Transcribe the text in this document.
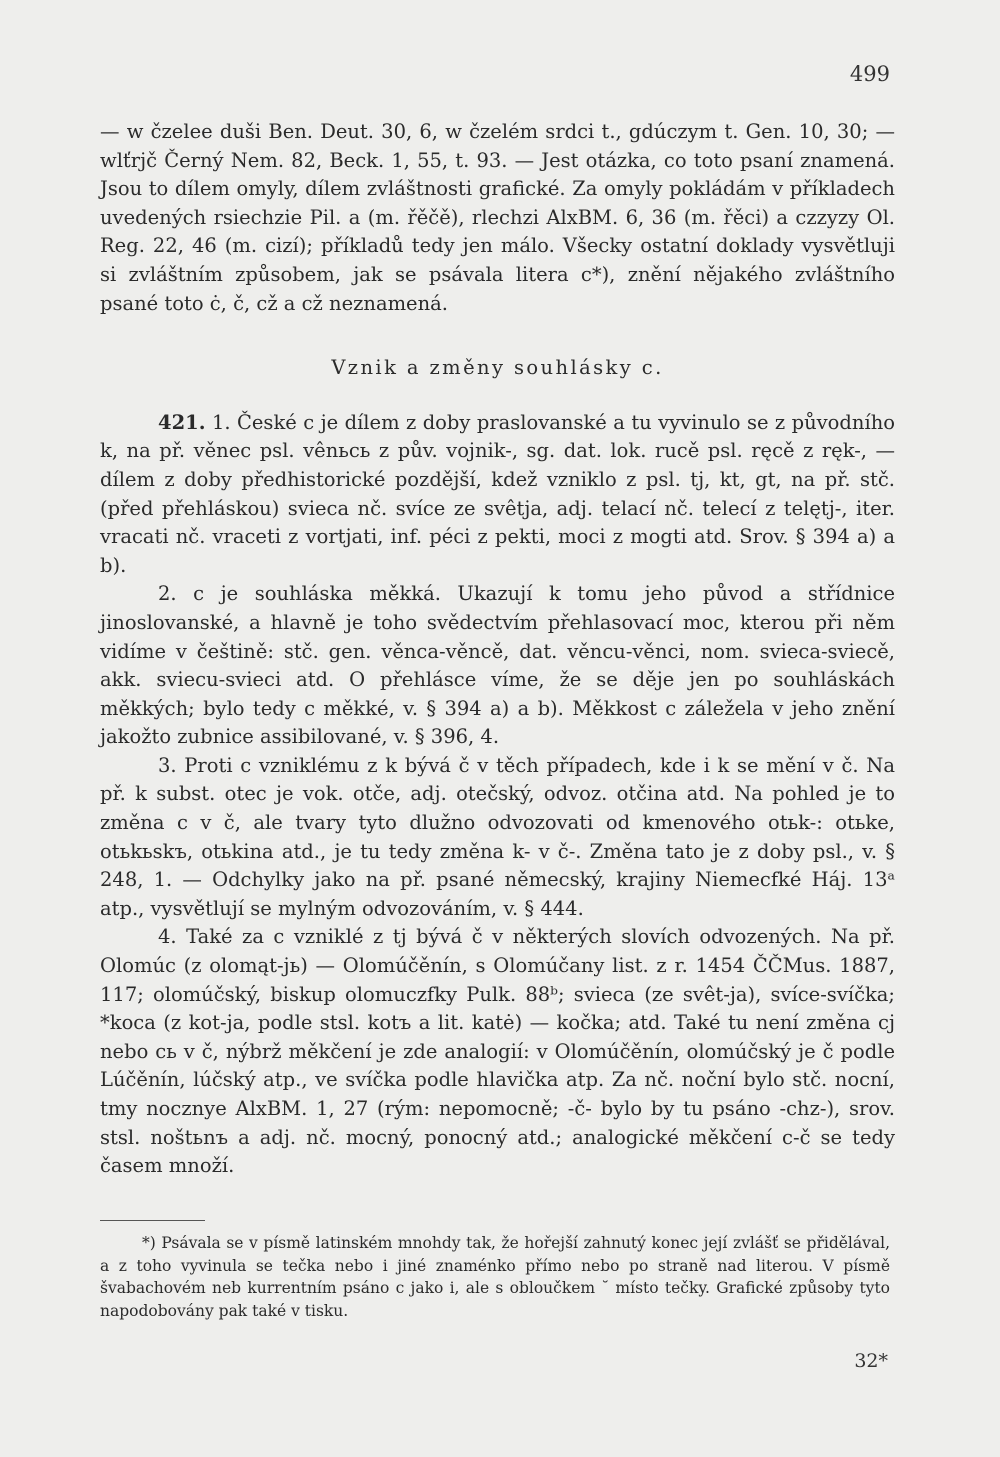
499

— w čzelee duši Ben. Deut. 30, 6, w čzelém srdci t., gdúczym t. Gen. 10, 30; — wlťrjč Černý Nem. 82, Beck. 1, 55, t. 93. — Jest otázka, co toto psaní znamená. Jsou to dílem omyly, dílem zvláštnosti grafické. Za omyly pokládám v příkladech uvedených rsiechzie Pil. a (m. řěčě), rlechzi AlxBM. 6, 36 (m. řěci) a czzyzy Ol. Reg. 22, 46 (m. cizí); příkladů tedy jen málo. Všecky ostatní doklady vysvětluji si zvláštním způsobem, jak se psávala litera c*), znění nějakého zvláštního psané toto ċ, č, cž a cž neznamená.

Vznik a změny souhlásky c.

421. 1. České c je dílem z doby praslovanské a tu vyvinulo se z původního k, na př. věnec psl. vênьcь z pův. vojnik-, sg. dat. lok. rucě psl. ręcě z ręk-, — dílem z doby předhistorické pozdější, kdež vzniklo z psl. tj, kt, gt, na př. stč. (před přehláskou) svieca nč. svíce ze svêtja, adj. telací nč. telecí z telętj-, iter. vracati nč. vraceti z vortjati, inf. péci z pekti, moci z mogti atd. Srov. § 394 a) a b).

2. c je souhláska měkká. Ukazují k tomu jeho původ a střídnice jinoslovanské, a hlavně je toho svědectvím přehlasovací moc, kterou při něm vidíme v češtině: stč. gen. věnca-věncě, dat. věncu-věnci, nom. svieca-sviecě, akk. sviecu-svieci atd. O přehlásce víme, že se děje jen po souhláskách měkkých; bylo tedy c měkké, v. § 394 a) a b). Měkkost c záležela v jeho znění jakožto zubnice assibilované, v. § 396, 4.

3. Proti c vzniklému z k bývá č v těch případech, kde i k se mění v č. Na př. k subst. otec je vok. otče, adj. otečský, odvoz. otčina atd. Na pohled je to změna c v č, ale tvary tyto dlužno odvozovati od kmenového otьk-: otьke, otьkьskъ, otьkina atd., je tu tedy změna k- v č-. Změna tato je z doby psl., v. § 248, 1. — Odchylky jako na př. psané němecský, krajiny Niemecfké Háj. 13ᵃ atp., vysvětlují se mylným odvozováním, v. § 444.

4. Také za c vzniklé z tj bývá č v některých slovích odvozených. Na př. Olomúc (z olomąt-jь) — Olomúčěnín, s Olomúčany list. z r. 1454 ČČMus. 1887, 117; olomúčský, biskup olomuczfky Pulk. 88ᵇ; svieca (ze svêt-ja), svíce-svíčka; *koca (z kot-ja, podle stsl. kotъ a lit. katė) — kočka; atd. Také tu není změna cj nebo cь v č, nýbrž měkčení je zde analogií: v Olomúčěnín, olomúčský je č podle Lúčěnín, lúčský atp., ve svíčka podle hlavička atp. Za nč. noční bylo stč. nocní, tmy nocznye AlxBM. 1, 27 (rým: nepomocně; -č- bylo by tu psáno -chz-), srov. stsl. noštьnъ a adj. nč. mocný, ponocný atd.; analogické měkčení c-č se tedy časem množí.

*) Psávala se v písmě latinském mnohdy tak, že hořejší zahnutý konec její zvlášť se přidělával, a z toho vyvinula se tečka nebo i jiné znaménko přímo nebo po straně nad literou. V písmě švabachovém neb kurrentním psáno c jako i, ale s obloučkem ˘ místo tečky. Grafické způsoby tyto napodobovány pak také v tisku.
32*
